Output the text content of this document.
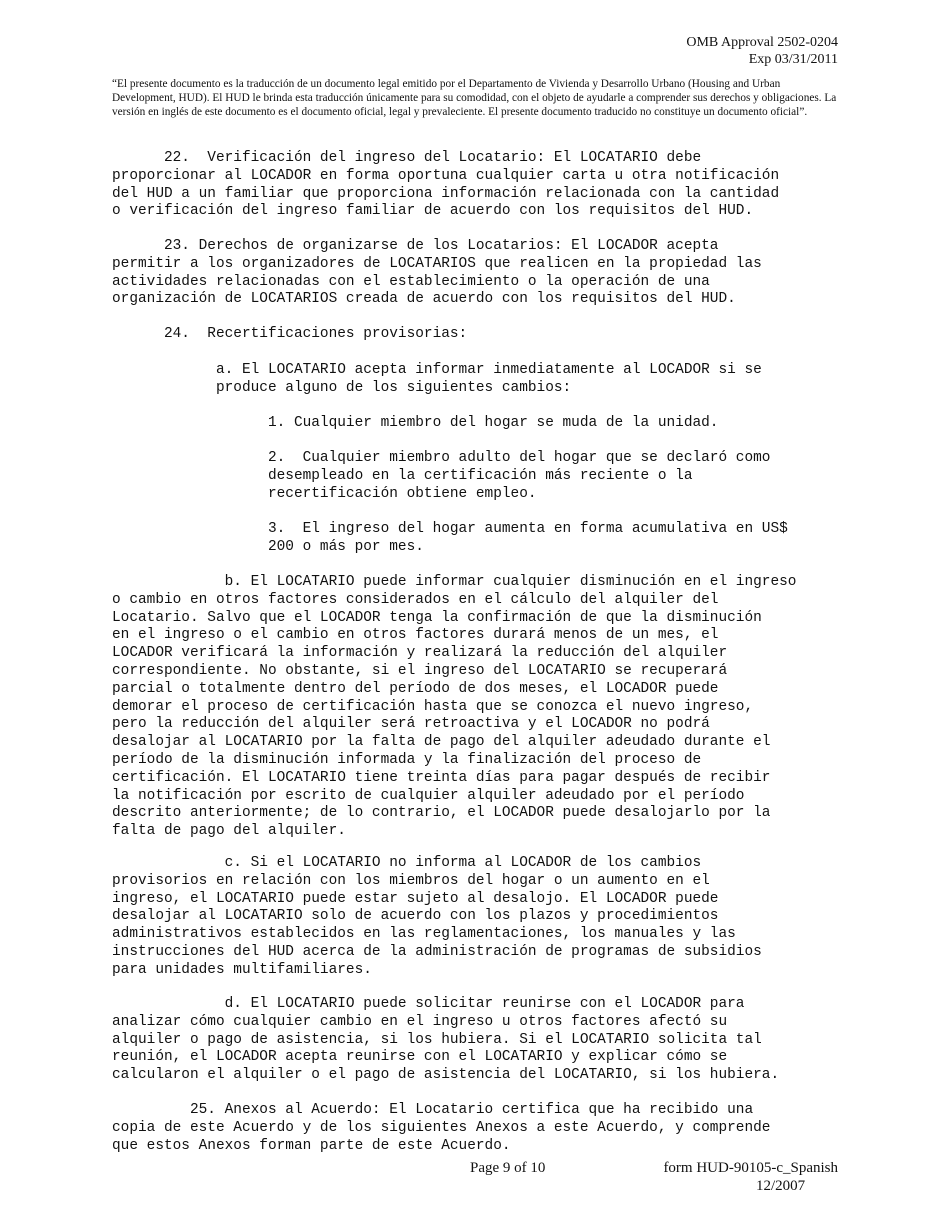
OMB Approval 2502-0204
Exp 03/31/2011

“El presente documento es la traducción de un documento legal emitido por el Departamento de Vivienda y Desarrollo Urbano (Housing and Urban Development, HUD). El HUD le brinda esta traducción únicamente para su comodidad, con el objeto de ayudarle a comprender sus derechos y obligaciones. La versión en inglés de este documento es el documento oficial, legal y prevaleciente. El presente documento traducido no constituye un documento oficial”.

22.  Verificación del ingreso del Locatario: El LOCATARIO debe
proporcionar al LOCADOR en forma oportuna cualquier carta u otra notificación
del HUD a un familiar que proporciona información relacionada con la cantidad
o verificación del ingreso familiar de acuerdo con los requisitos del HUD.
23. Derechos de organizarse de los Locatarios: El LOCADOR acepta
permitir a los organizadores de LOCATARIOS que realicen en la propiedad las
actividades relacionadas con el establecimiento o la operación de una
organización de LOCATARIOS creada de acuerdo con los requisitos del HUD.
24.  Recertificaciones provisorias:
a. El LOCATARIO acepta informar inmediatamente al LOCADOR si se
produce alguno de los siguientes cambios:
1. Cualquier miembro del hogar se muda de la unidad.
2.  Cualquier miembro adulto del hogar que se declaró como
desempleado en la certificación más reciente o la
recertificación obtiene empleo.
3.  El ingreso del hogar aumenta en forma acumulativa en US$
200 o más por mes.
b. El LOCATARIO puede informar cualquier disminución en el ingreso
o cambio en otros factores considerados en el cálculo del alquiler del
Locatario. Salvo que el LOCADOR tenga la confirmación de que la disminución
en el ingreso o el cambio en otros factores durará menos de un mes, el
LOCADOR verificará la información y realizará la reducción del alquiler
correspondiente. No obstante, si el ingreso del LOCATARIO se recuperará
parcial o totalmente dentro del período de dos meses, el LOCADOR puede
demorar el proceso de certificación hasta que se conozca el nuevo ingreso,
pero la reducción del alquiler será retroactiva y el LOCADOR no podrá
desalojar al LOCATARIO por la falta de pago del alquiler adeudado durante el
período de la disminución informada y la finalización del proceso de
certificación. El LOCATARIO tiene treinta días para pagar después de recibir
la notificación por escrito de cualquier alquiler adeudado por el período
descrito anteriormente; de lo contrario, el LOCADOR puede desalojarlo por la
falta de pago del alquiler.
c. Si el LOCATARIO no informa al LOCADOR de los cambios
provisorios en relación con los miembros del hogar o un aumento en el
ingreso, el LOCATARIO puede estar sujeto al desalojo. El LOCADOR puede
desalojar al LOCATARIO solo de acuerdo con los plazos y procedimientos
administrativos establecidos en las reglamentaciones, los manuales y las
instrucciones del HUD acerca de la administración de programas de subsidios
para unidades multifamiliares.
d. El LOCATARIO puede solicitar reunirse con el LOCADOR para
analizar cómo cualquier cambio en el ingreso u otros factores afectó su
alquiler o pago de asistencia, si los hubiera. Si el LOCATARIO solicita tal
reunión, el LOCADOR acepta reunirse con el LOCATARIO y explicar cómo se
calcularon el alquiler o el pago de asistencia del LOCATARIO, si los hubiera.
25. Anexos al Acuerdo: El Locatario certifica que ha recibido una
copia de este Acuerdo y de los siguientes Anexos a este Acuerdo, y comprende
que estos Anexos forman parte de este Acuerdo.
Page 9 of 10	form HUD-90105-c_Spanish
12/2007
